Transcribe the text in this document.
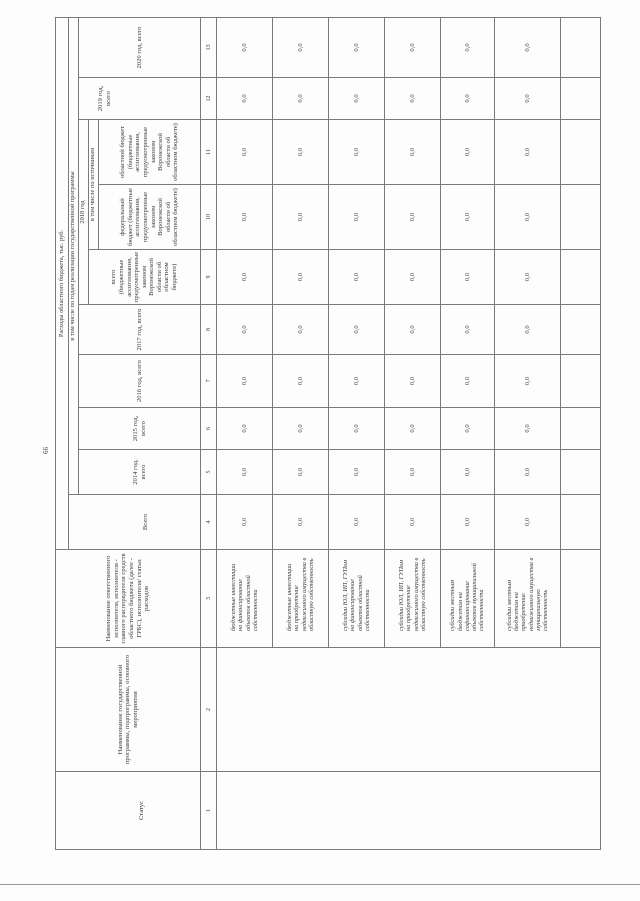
66
Статус
Наименование государственной программы, подпрограммы, основного мероприятия
Наименование ответственного исполнителя, исполнителя - главного распорядителя средств областного бюджета (далее - ГРБС), исполнителя/ статьи расходов
Расходы областного бюджета, тыс. руб.
Всего
в том числе по годам реализации государственной программы
2014 год, всего
2015 год, всего
2016 год, всего
2017 год, всего
2018 год
2019 год, всего
2020 год, всего
всего (бюджетные ассигнования, предусмотренные законом Воронежской области об областном бюджете)
в том числе по источникам	федеральный бюджет (бюджетные ассигнования, предусмотренные законом Воронежской области об областном бюджете)
областной бюджет (бюджетные ассигнования, предусмотренные законом Воронежской области об областном бюджете)
1
2
3
4
5
6
7
8
9
10
11
12
13
бюджетные инвестиции на финансирование объектов областной собственности
0,0
0,0
0,0
0,0
0,0
0,0
0,0
0,0
0,0
0,0
бюджетные инвестиции на приобретение недвижимого имущества в областную собственность
0,0
0,0
0,0
0,0
0,0
0,0
0,0
0,0
0,0
0,0
субсидии ЮЛ, ИП, ГУПам на финансирование объектов областной собственности
0,0
0,0
0,0
0,0
0,0
0,0
0,0
0,0
0,0
0,0
субсидии ЮЛ, ИП, ГУПам на приобретение недвижимого имущества в областную собственность
0,0
0,0
0,0
0,0
0,0
0,0
0,0
0,0
0,0
0,0
субсидии местным бюджетам на софинансирование объектов муниципальной собственности
0,0
0,0
0,0
0,0
0,0
0,0
0,0
0,0
0,0
0,0
субсидии местным бюджетам на приобретение недвижимого имущества в муниципальную собственность
0,0
0,0
0,0
0,0
0,0
0,0
0,0
0,0
0,0
0,0
